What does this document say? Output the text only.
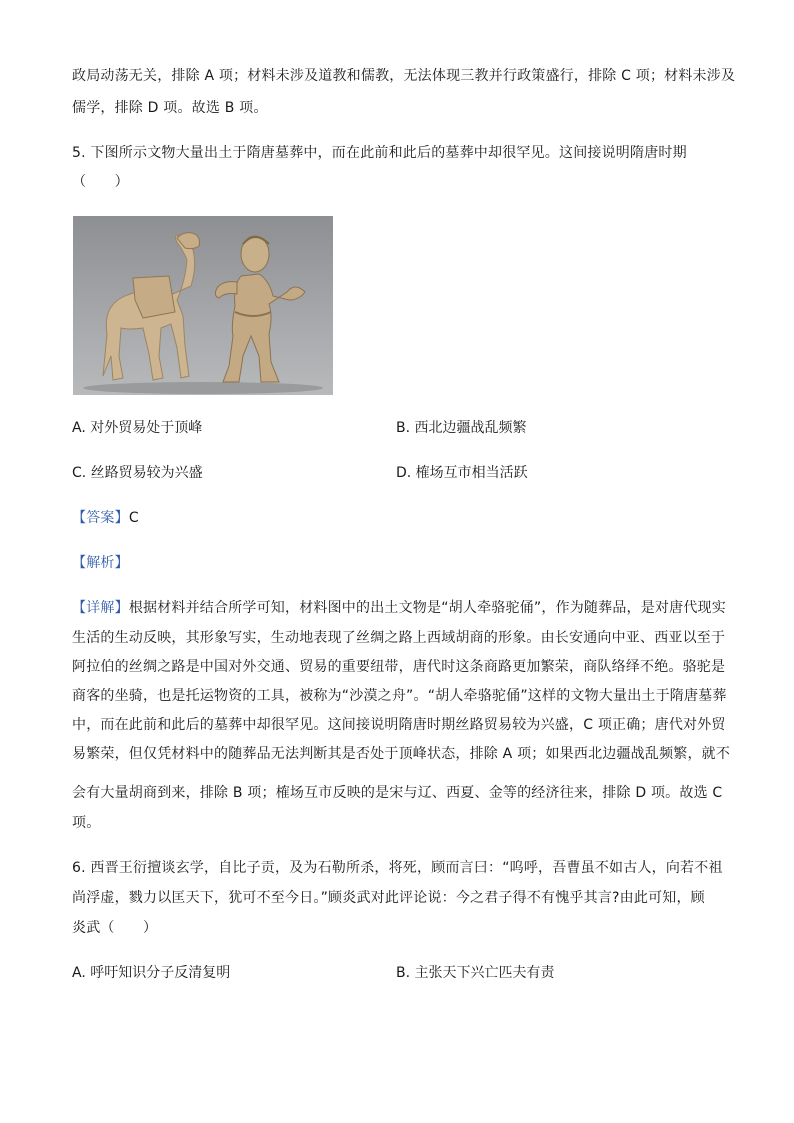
政局动荡无关，排除 A 项；材料未涉及道教和儒教，无法体现三教并行政策盛行，排除 C 项；材料未涉及
儒学，排除 D 项。故选 B 项。
5. 下图所示文物大量出土于隋唐墓葬中，而在此前和此后的墓葬中却很罕见。这间接说明隋唐时期
（　　）
A. 对外贸易处于顶峰	B. 西北边疆战乱频繁
C. 丝路贸易较为兴盛	D. 榷场互市相当活跃
【答案】C
【解析】
【详解】根据材料并结合所学可知，材料图中的出土文物是“胡人牵骆驼俑”，作为随葬品，是对唐代现实
生活的生动反映，其形象写实，生动地表现了丝绸之路上西域胡商的形象。由长安通向中亚、西亚以至于
阿拉伯的丝绸之路是中国对外交通、贸易的重要纽带，唐代时这条商路更加繁荣，商队络绎不绝。骆驼是
商客的坐骑，也是托运物资的工具，被称为“沙漠之舟”。“胡人牵骆驼俑”这样的文物大量出土于隋唐墓葬
中，而在此前和此后的墓葬中却很罕见。这间接说明隋唐时期丝路贸易较为兴盛，C 项正确；唐代对外贸
易繁荣，但仅凭材料中的随葬品无法判断其是否处于顶峰状态，排除 A 项；如果西北边疆战乱频繁，就不
会有大量胡商到来，排除 B 项；榷场互市反映的是宋与辽、西夏、金等的经济往来，排除 D 项。故选 C
项。
6. 西晋王衍擅谈玄学，自比子贡，及为石勒所杀，将死，顾而言曰：“呜呼，吾曹虽不如古人，向若不祖
尚浮虚，戮力以匡天下，犹可不至今日。”顾炎武对此评论说：今之君子得不有愧乎其言?由此可知，顾
炎武（　　）
A. 呼吁知识分子反清复明	B. 主张天下兴亡匹夫有责
